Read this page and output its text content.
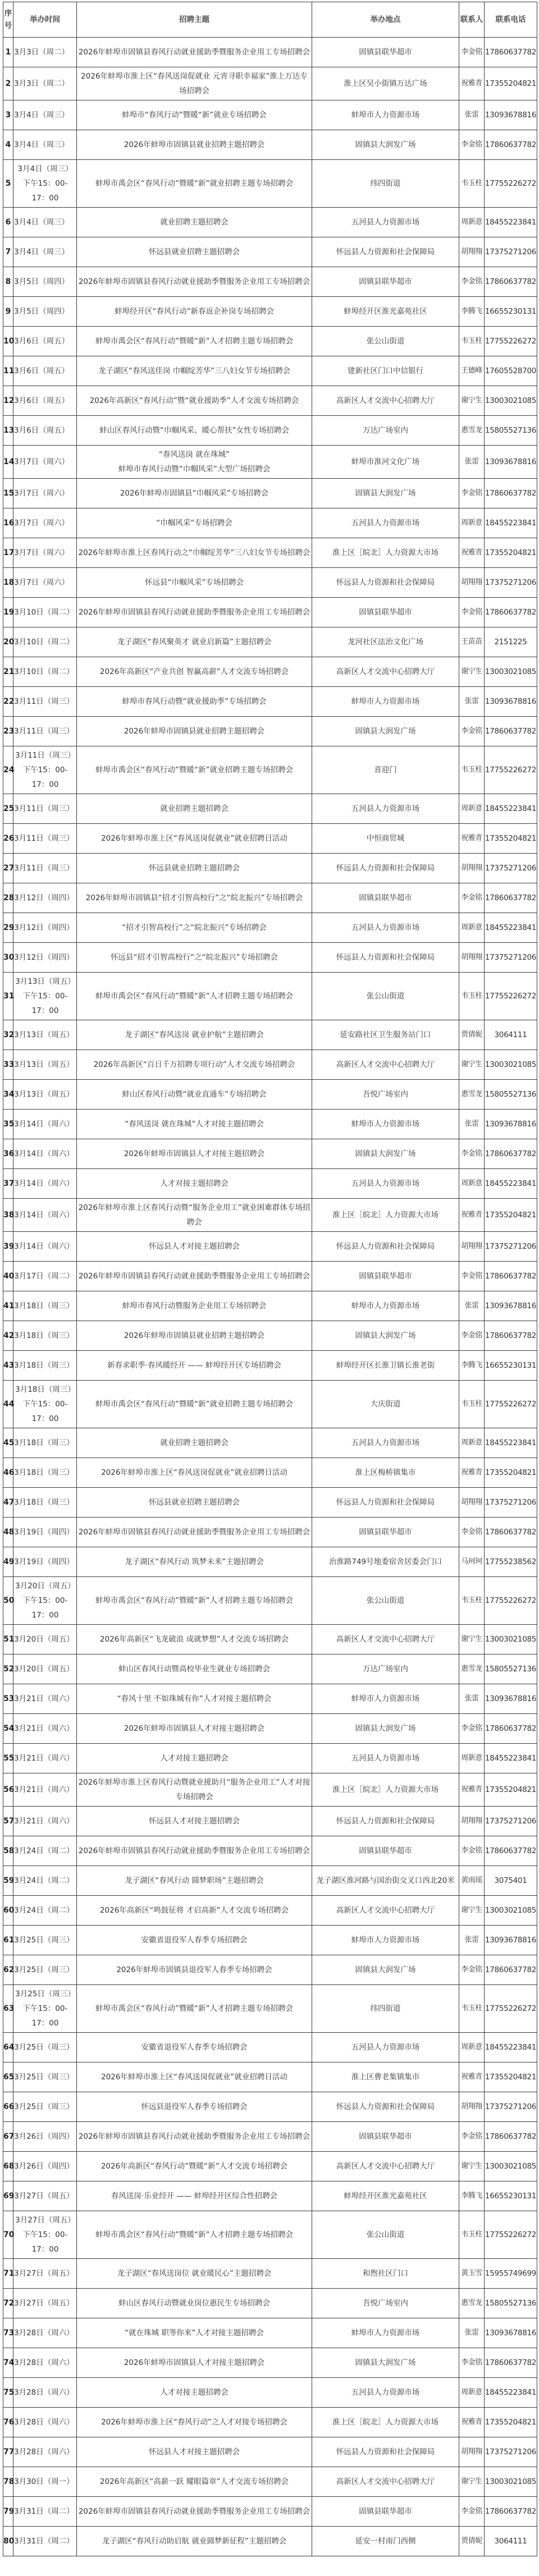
序
号	举办时间	招聘主题	举办地点	联系人	联系电话
1	3月3日（周二）	2026年蚌埠市固镇县春风行动就业援助季暨服务企业用工专场招聘会	固镇县联华超市	李金铭	17860637782
2	3月3日（周二）	2026年蚌埠市淮上区“春风送岗促就业 元宵寻职幸福家”淮上万达专场招聘会	淮上区吴小街镇万达广场	祝雅青	17355204821
3	3月4日（周三）	蚌埠市“春风行动”暨暖“新”就业专场招聘会	蚌埠市人力资源市场	张雷	13093678816
4	3月4日（周三）	2026年蚌埠市固镇县就业招聘主题招聘会	固镇县大润发广场	李金铭	17860637782
5	3月4日（周三）
下午15：00-
17：00	蚌埠市禹会区“春风行动”暨暖“新”就业招聘主题专场招聘会	纬四街道	韦玉柱	17755226272
6	3月4日（周三）	就业招聘主题招聘会	五河县人力资源市场	周新意	18455223841
7	3月4日（周三）	怀远县就业招聘主题招聘会	怀远县人力资源和社会保障局	胡翔翔	17375271206
8	3月5日（周四）	2026年蚌埠市固镇县春风行动就业援助季暨服务企业用工专场招聘会	固镇县联华超市	李金铭	17860637782
9	3月5日（周四）	蚌埠经开区“春风行动”新春返企补岗专场招聘会	蚌埠经开区淮光嘉苑社区	李腾飞	16655230131
10	3月6日（周五）	蚌埠市禹会区“春风行动”暨暖“新”人才招聘主题专场招聘会	张公山街道	韦玉柱	17755226272
11	3月6日（周五）	龙子湖区“春风送佳岗 巾帼绽芳华”三八妇女节专场招聘会	建新社区门口中信银行	王德峰	17605528700
12	3月6日（周五）	2026年高新区“春风行动”暨“就业援助季”人才交流专场招聘会	高新区人才交流中心招聘大厅	谢宁生	13003021085
13	3月6日（周五）	蚌山区春风行动暨“巾帼风采、暖心帮扶”女性专场招聘会	万达广场室内	惠雪龙	15805527136
14	3月7日（周六）	“春风送岗 就在珠城”
蚌埠市春风行动暨“巾帼风采”大型广场招聘会	蚌埠市淮河文化广场	张雷	13093678816
15	3月7日（周六）	2026年蚌埠市固镇县“巾帼风采”专场招聘会	固镇县大润发广场	李金铭	17860637782
16	3月7日（周六）	“巾帼风采”专场招聘会	五河县人力资源市场	周新意	18455223841
17	3月7日（周六）	2026年蚌埠市淮上区春风行动之“巾帼绽芳华”三八妇女节专场招聘会	淮上区［皖北］人力资源大市场	祝雅青	17355204821
18	3月7日（周六）	怀远县“巾帼风采”专场招聘会	怀远县人力资源和社会保障局	胡翔翔	17375271206
19	3月10日（周二）	2026年蚌埠市固镇县春风行动就业援助季暨服务企业用工专场招聘会	固镇县联华超市	李金铭	17860637782
20	3月10日（周二）	龙子湖区“春风聚英才 就业启新篇”主题招聘会	龙河社区法治文化广场	王苗苗	2151225
21	3月10日（周二）	2026年高新区“产业共创 智赢高薪”人才交流专场招聘会	高新区人才交流中心招聘大厅	谢宁生	13003021085
22	3月11日（周三）	蚌埠市春风行动暨“就业援助季”专场招聘会	蚌埠市人力资源市场	张雷	13093678816
23	3月11日（周三）	2026年蚌埠市固镇县就业招聘主题招聘会	固镇县大润发广场	李金铭	17860637782
24	3月11日（周三）
下午15：00-
17：00	蚌埠市禹会区“春风行动”暨暖“新”就业招聘主题专场招聘会	喜迎门	韦玉柱	17755226272
25	3月11日（周三）	就业招聘主题招聘会	五河县人力资源市场	周新意	18455223841
26	3月11日（周三）	2026年蚌埠市淮上区“春风送岗促就业”就业招聘日活动	中恒商贸城	祝雅青	17355204821
27	3月11日（周三）	怀远县就业招聘主题招聘会	怀远县人力资源和社会保障局	胡翔翔	17375271206
28	3月12日（周四）	2026年蚌埠市固镇县“招才引智高校行”之“皖北振兴”专场招聘会	固镇县联华超市	李金铭	17860637782
29	3月12日（周四）	“招才引智高校行”之“皖北振兴”专场招聘会	五河县人力资源市场	周新意	18455223841
30	3月12日（周四）	怀远县“招才引智高校行”之“皖北振兴”专场招聘会	怀远县人力资源和社会保障局	胡翔翔	17375271206
31	3月13日（周五）
下午15：00-
17：00	蚌埠市禹会区“春风行动”暨暖“新”人才招聘主题专场招聘会	张公山街道	韦玉柱	17755226272
32	3月13日（周五）	龙子湖区“春风送岗 就业护航”主题招聘会	延安路社区卫生服务站门口	贾倩妮	3064111
33	3月13日（周五）	2026年高新区“百日千万招聘专项行动”人才交流专场招聘会	高新区人才交流中心招聘大厅	谢宁生	13003021085
34	3月13日（周五）	蚌山区春风行动暨“就业直通车”专场招聘会	吾悦广场室内	惠雪龙	15805527136
35	3月14日（周六）	“春风送岗 就在珠城”人才对接主题招聘会	蚌埠市人力资源市场	张雷	13093678816
36	3月14日（周六）	2026年蚌埠市固镇县人才对接主题招聘会	固镇县大润发广场	李金铭	17860637782
37	3月14日（周六）	人才对接主题招聘会	五河县人力资源市场	周新意	18455223841
38	3月14日（周六）	2026年蚌埠市淮上区春风行动暨“服务企业用工”就业困难群体专场招聘会	淮上区［皖北］人力资源大市场	祝雅青	17355204821
39	3月14日（周六）	怀远县人才对接主题招聘会	怀远县人力资源和社会保障局	胡翔翔	17375271206
40	3月17日（周二）	2026年蚌埠市固镇县春风行动就业援助季暨服务企业用工专场招聘会	固镇县联华超市	李金铭	17860637782
41	3月18日（周三）	蚌埠市春风行动暨服务企业用工专场招聘会	蚌埠市人力资源市场	张雷	13093678816
42	3月18日（周三）	2026年蚌埠市固镇县就业招聘主题招聘会	固镇县大润发广场	李金铭	17860637782
43	3月18日（周三）	新春求职季·春风暖经开 —— 蚌埠经开区专场招聘会	蚌埠经开区长淮卫镇长淮老街	李腾飞	16655230131
44	3月18日（周三）
下午15：00-
17：00	蚌埠市禹会区“春风行动”暨暖“新”就业招聘主题专场招聘会	大庆街道	韦玉柱	17755226272
45	3月18日（周三）	就业招聘主题招聘会	五河县人力资源市场	周新意	18455223841
46	3月18日（周三）	2026年蚌埠市淮上区“春风送岗促就业”就业招聘日活动	淮上区梅桥镇集市	祝雅青	17355204821
47	3月18日（周三）	怀远县就业招聘主题招聘会	怀远县人力资源和社会保障局	胡翔翔	17375271206
48	3月19日（周四）	2026年蚌埠市固镇县春风行动就业援助季暨服务企业用工专场招聘会	固镇县联华超市	李金铭	17860637782
49	3月19日（周四）	龙子湖区“春风行动 筑梦未来”主题招聘会	治淮路749号地委宿舍居委会门口	马珂珂	17755238562
50	3月20日（周五）
下午15：00-
17：00	蚌埠市禹会区“春风行动”暨暖“新”人才招聘主题专场招聘会	张公山街道	韦玉柱	17755226272
51	3月20日（周五）	2026年高新区“飞龙破浪 成就梦想”人才交流专场招聘会	高新区人才交流中心招聘大厅	谢宁生	13003021085
52	3月20日（周五）	蚌山区春风行动暨高校毕业生就业专场招聘会	万达广场室内	惠雪龙	15805527136
53	3月21日（周六）	“春风十里 不如珠城有你”人才对接主题招聘会	蚌埠市人力资源市场	张雷	13093678816
54	3月21日（周六）	2026年蚌埠市固镇县人才对接主题招聘会	固镇县大润发广场	李金铭	17860637782
55	3月21日（周六）	人才对接主题招聘会	五河县人力资源市场	周新意	18455223841
56	3月21日（周六）	2026年蚌埠市淮上区春风行动暨就业援助月“服务企业用工”人才对接专场招聘会	淮上区［皖北］人力资源大市场	祝雅青	17355204821
57	3月21日（周六）	怀远县人才对接主题招聘会	怀远县人力资源和社会保障局	胡翔翔	17375271206
58	3月24日（周二）	2026年蚌埠市固镇县春风行动就业援助季暨服务企业用工专场招聘会	固镇县联华超市	李金铭	17860637782
59	3月24日（周二）	龙子湖区“春风行动 圆梦职场”主题招聘会	龙子湖区淮河路与国治街交叉口西北20米	黄雨瑶	3075401
60	3月24日（周二）	2026年高新区“鸣鼓征将 才启高新”人才交流专场招聘会	高新区人才交流中心招聘大厅	谢宁生	13003021085
61	3月25日（周三）	安徽省退役军人春季专场招聘会	蚌埠市人力资源市场	张雷	13093678816
62	3月25日（周三）	2026年蚌埠市固镇县退役军人春季专场招聘会	固镇县大润发广场	李金铭	17860637782
63	3月25日（周三）
下午15：00-
17：00	蚌埠市禹会区“春风行动”暨暖“新”人才招聘主题专场招聘会	纬四街道	韦玉柱	17755226272
64	3月25日（周三）	安徽省退役军人春季专场招聘会	五河县人力资源市场	周新意	18455223841
65	3月25日（周三）	2026年蚌埠市淮上区“春风送岗促就业”就业招聘日活动	淮上区曹老集镇集市	祝雅青	17355204821
66	3月25日（周三）	怀远县退役军人春季专场招聘会	怀远县人力资源和社会保障局	胡翔翔	17375271206
67	3月26日（周四）	2026年蚌埠市固镇县春风行动就业援助季暨服务企业用工专场招聘会	固镇县联华超市	李金铭	17860637782
68	3月26日（周四）	2026年高新区“春风行动”暨暖“新”人才交流专场招聘会	高新区人才交流中心招聘大厅	谢宁生	13003021085
69	3月27日（周五）	春风送岗·乐业经开 —— 蚌埠经开区综合性招聘会	蚌埠经开区淮光嘉苑社区	李腾飞	16655230131
70	3月27日（周五）
下午15：00-
17：00	蚌埠市禹会区“春风行动”暨暖“新”人才招聘主题专场招聘会	张公山街道	韦玉柱	17755226272
71	3月27日（周五）	龙子湖区“春风送岗位 就业暖民心”主题招聘会	和煦社区门口	黄玉雪	15955749699
72	3月27日（周五）	蚌山区春风行动暨就业岗位惠民生专场招聘会	吾悦广场室内	惠雪龙	15805527136
73	3月28日（周六）	“就在珠城 职等你来”人才对接主题招聘会	蚌埠市人力资源市场	张雷	13093678816
74	3月28日（周六）	2026年蚌埠市固镇县人才对接主题招聘会	固镇县大润发广场	李金铭	17860637782
75	3月28日（周六）	人才对接主题招聘会	五河县人力资源市场	周新意	18455223841
76	3月28日（周六）	2026年蚌埠市淮上区“春风行动”之人才对接专场招聘会	淮上区［皖北］人力资源大市场	祝雅青	17355204821
77	3月28日（周六）	怀远县人才对接主题招聘会	怀远县人力资源和社会保障局	胡翔翔	17375271206
78	3月30日（周一）	2026年高新区“高薪一跃 耀眼篇章”人才交流专场招聘会	高新区人才交流中心招聘大厅	谢宁生	13003021085
79	3月31日（周二）	2026年蚌埠市固镇县春风行动就业援助季暨服务企业用工专场招聘会	固镇县联华超市	李金铭	17860637782
80	3月31日（周二）	龙子湖区“春风行动助启航 就业圆梦新征程”主题招聘会	延安一村南门西侧	贾倩妮	3064111
